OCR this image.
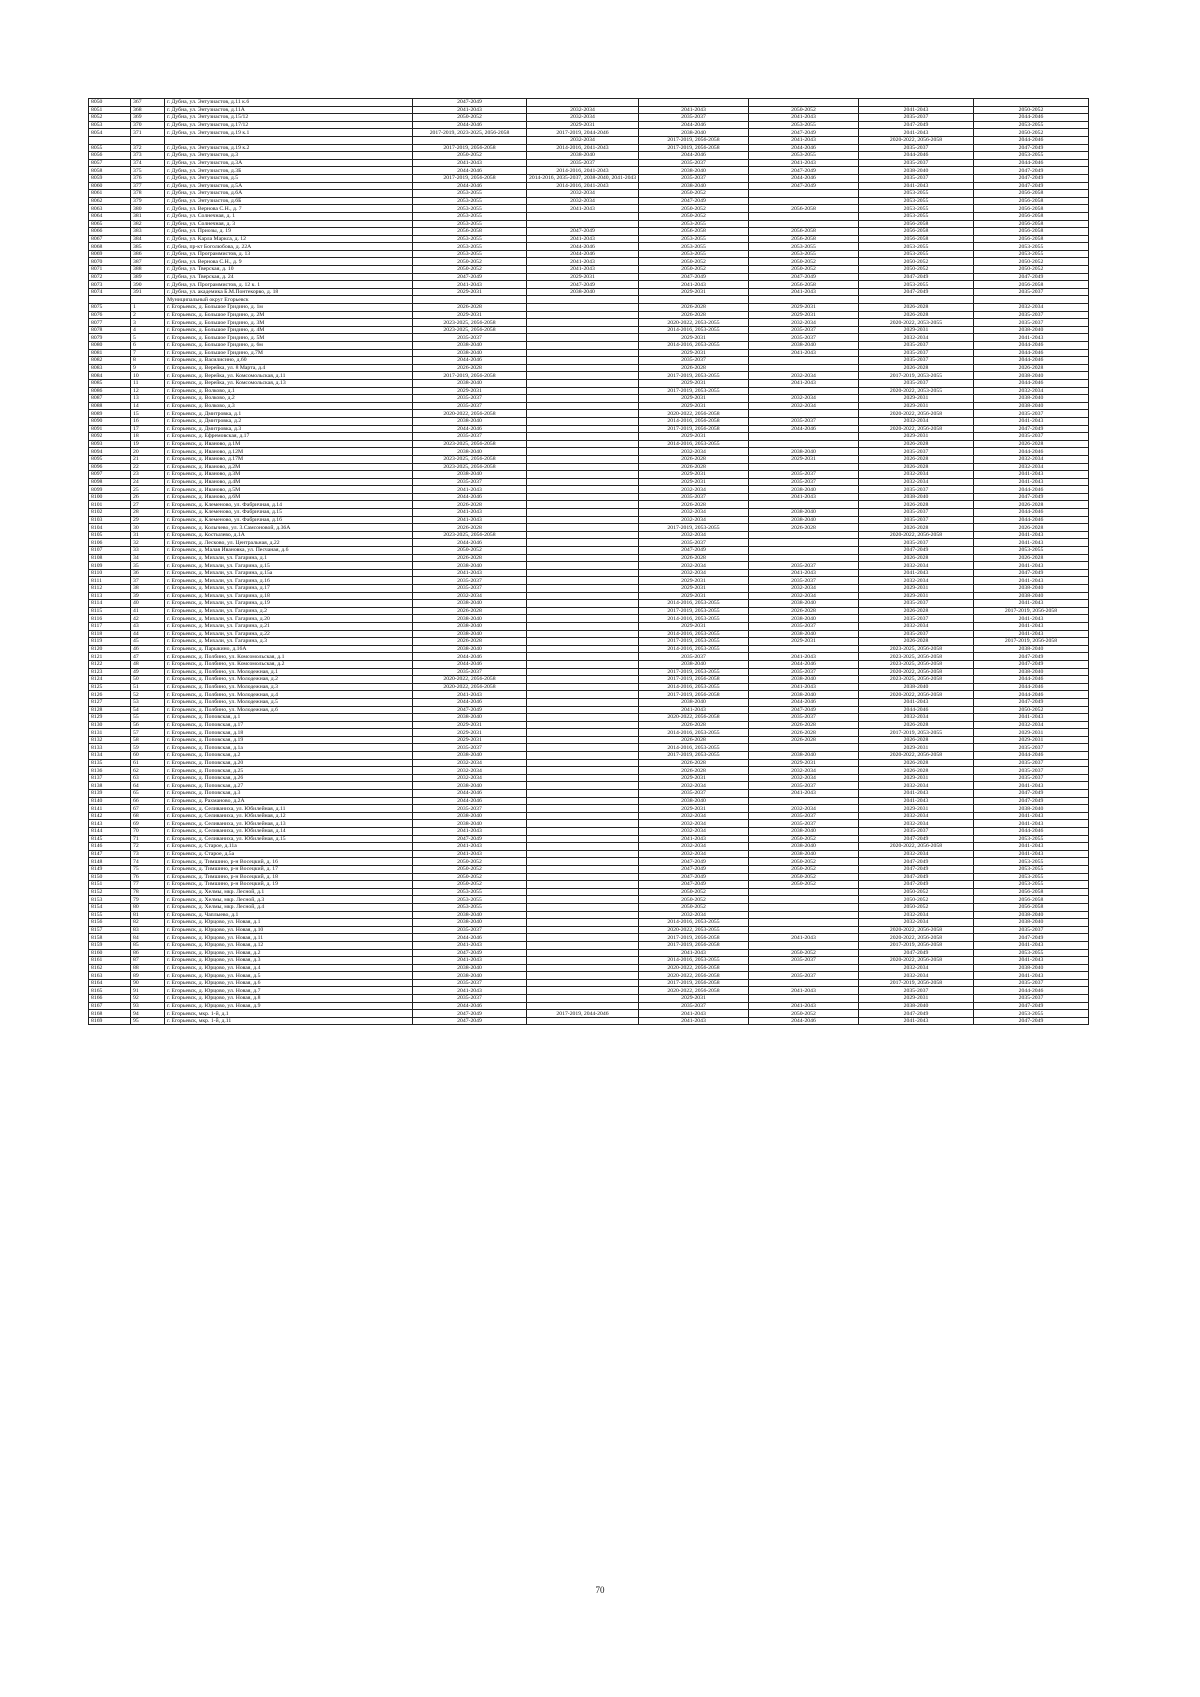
8050	367	г. Дубна, ул. Энтузиастов, д.11 к.6	2047-2049					
8051	368	г. Дубна, ул. Энтузиастов, д.11А	2041-2043	2032-2034	2041-2043	2050-2052	2041-2043	2050-2052
8052	369	г. Дубна, ул. Энтузиастов, д.15/12	2050-2052	2032-2034	2035-2037	2041-2043	2035-2037	2044-2046
8053	370	г. Дубна, ул. Энтузиастов, д.17/12	2044-2046	2029-2031	2044-2046	2053-2055	2047-2049	2053-2055
8054	371	г. Дубна, ул. Энтузиастов, д.19 к.1	2017-2019, 2023-2025, 2056-2058	2017-2019, 2044-2046	2038-2040	2047-2049	2041-2043	2050-2052
				2032-2034	2017-2019, 2056-2058	2041-2043	2020-2022, 2056-2058	2044-2046
8055	372	г. Дубна, ул. Энтузиастов, д.19 к.2	2017-2019, 2056-2058	2014-2016, 2041-2043	2017-2019, 2056-2058	2044-2046	2035-2037	2047-2049
8056	373	г. Дубна, ул. Энтузиастов, д.3	2050-2052	2038-2040	2044-2046	2053-2055	2044-2046	2053-2055
8057	374	г. Дубна, ул. Энтузиастов, д.3А	2041-2043	2035-2037	2035-2037	2041-2043	2035-2037	2044-2046
8058	375	г. Дубна, ул. Энтузиастов, д.3Б	2044-2046	2014-2016, 2041-2043	2038-2040	2047-2049	2038-2040	2047-2049
8059	376	г. Дубна, ул. Энтузиастов, д.5	2017-2019, 2056-2058	2014-2016, 2035-2037, 2038-2040, 2041-2043	2035-2037	2044-2046	2035-2037	2047-2049
8060	377	г. Дубна, ул. Энтузиастов, д.5А	2044-2046	2014-2016, 2041-2043	2038-2040	2047-2049	2041-2043	2047-2049
8061	378	г. Дубна, ул. Энтузиастов, д.6А	2053-2055	2032-2034	2050-2052		2053-2055	2056-2058
8062	379	г. Дубна, ул. Энтузиастов, д.6Б	2053-2055	2032-2034	2047-2049		2053-2055	2056-2058
8063	380	г. Дубна, ул. Вернова С.Н., д. 7	2053-2055	2041-2043	2050-2052	2056-2058	2053-2055	2056-2058
8064	381	г. Дубна, ул. Солнечная, д. 1	2053-2055		2050-2052		2053-2055	2056-2058
8065	382	г. Дубна, ул. Солнечная, д. 3	2053-2055		2053-2055		2056-2058	2056-2058
8066	383	г. Дубна, ул. Приозы, д. 19	2056-2058	2047-2049	2056-2058	2056-2058	2056-2058	2056-2058
8067	384	г. Дубна, ул. Карла Маркса, д. 12	2053-2055	2041-2043	2053-2055	2056-2058	2056-2058	2056-2058
8068	385	г. Дубна, пр-кт Боголюбова, д. 22А	2053-2055	2044-2046	2053-2055	2053-2055	2053-2055	2053-2055
8069	386	г. Дубна, ул. Программистов, д. 13	2053-2055	2044-2046	2053-2055	2053-2055	2053-2055	2053-2055
8070	387	г. Дубна, ул. Вернова С.Н., д. 9	2050-2052	2041-2043	2050-2052	2050-2052	2050-2052	2050-2052
8071	388	г. Дубна, ул. Тверская, д. 10	2050-2052	2041-2043	2050-2052	2050-2052	2050-2052	2050-2052
8072	389	г. Дубна, ул. Тверская, д. 24	2047-2049	2029-2031	2047-2049	2047-2049	2047-2049	2047-2049
8073	390	г. Дубна, ул. Программистов, д. 12 к. 1	2041-2043	2047-2049	2041-2043	2056-2058	2053-2055	2056-2058
8074	391	г. Дубна, ул. академика Б.М.Понтекорво, д. 18	2029-2031	2038-2040	2029-2031	2041-2043	2047-2049	2035-2037
		Муниципальный округ Егорьевск						
8075	1	г. Егорьевск, д. Большое Гридино, д. 1м	2026-2028		2026-2028	2029-2031	2026-2028	2032-2034
8076	2	г. Егорьевск, д. Большое Гридино, д. 2М	2029-2031		2026-2028	2029-2031	2026-2028	2035-2037
8077	3	г. Егорьевск, д. Большое Гридино, д. 3М	2023-2025, 2056-2058		2020-2022, 2053-2055	2032-2034	2020-2022, 2053-2055	2035-2037
8078	4	г. Егорьевск, д. Большое Гридино, д. 4М	2023-2025, 2056-2058		2014-2016, 2053-2055	2035-2037	2029-2031	2038-2040
8079	5	г. Егорьевск, д. Большое Гридино, д. 5М	2035-2037		2029-2031	2035-2037	2032-2034	2041-2043
8080	6	г. Егорьевск, д. Большое Гридино, д. 6м	2038-2040		2014-2016, 2053-2055	2038-2040	2035-2037	2044-2046
8081	7	г. Егорьевск, д. Большое Гридино, д.7М	2038-2040		2029-2031	2041-2043	2035-2037	2044-2046
8082	8	г. Егорьевск, д. Василисино, д.60	2044-2046		2035-2037		2035-2037	2044-2046
8083	9	г. Егорьевск, д. Верейка, ул. 8 Марта, д.4	2026-2028		2026-2028		2026-2028	2026-2028
8084	10	г. Егорьевск, д. Верейка, ул. Комсомольская, д.11	2017-2019, 2056-2058		2017-2019, 2053-2055	2032-2034	2017-2019, 2053-2055	2038-2040
8085	11	г. Егорьевск, д. Верейка, ул. Комсомольская, д.13	2038-2040		2029-2031	2041-2043	2035-2037	2044-2046
8086	12	г. Егорьевск, д. Волково, д.1	2029-2031		2017-2019, 2053-2055		2020-2022, 2053-2055	2032-2034
8087	13	г. Егорьевск, д. Волково, д.2	2035-2037		2029-2031	2032-2034	2029-2031	2038-2040
8088	14	г. Егорьевск, д. Волково, д.3	2035-2037		2029-2031	2032-2034	2029-2031	2038-2040
8089	15	г. Егорьевск, д. Дмитровка, д.1	2020-2022, 2056-2058		2020-2022, 2056-2058		2020-2022, 2056-2058	2035-2037
8090	16	г. Егорьевск, д. Дмитровка, д.2	2038-2040		2014-2016, 2056-2058	2035-2037	2032-2034	2041-2043
8091	17	г. Егорьевск, д. Дмитровка, д.3	2044-2046		2017-2019, 2056-2058	2044-2046	2020-2022, 2056-2058	2047-2049
8092	18	г. Егорьевск, д. Ефремовская, д.17	2035-2037		2029-2031		2029-2031	2035-2037
8093	19	г. Егорьевск, д. Иваново, д.1М	2023-2025, 2056-2058		2014-2016, 2053-2055		2026-2028	2026-2028
8094	20	г. Егорьевск, д. Иваново, д.12М	2038-2040		2032-2034	2038-2040	2035-2037	2044-2046
8095	21	г. Егорьевск, д. Иваново, д.17М	2023-2025, 2056-2058		2026-2028	2029-2031	2026-2028	2032-2034
8096	22	г. Егорьевск, д. Иваново, д.2М	2023-2025, 2056-2058		2026-2028		2026-2028	2032-2034
8097	23	г. Егорьевск, д. Иваново, д.3М	2038-2040		2029-2031	2035-2037	2032-2034	2041-2043
8098	24	г. Егорьевск, д. Иваново, д.4М	2035-2037		2029-2031	2035-2037	2032-2034	2041-2043
8099	25	г. Егорьевск, д. Иваново, д.5М	2041-2043		2032-2034	2038-2040	2035-2037	2044-2046
8100	26	г. Егорьевск, д. Иваново, д.6М	2044-2046		2035-2037	2041-2043	2038-2040	2047-2049
8101	27	г. Егорьевск, д. Клеменово, ул. Фабричная, д.14	2026-2028		2026-2028		2026-2028	2026-2028
8102	28	г. Егорьевск, д. Клеменово, ул. Фабричная, д.15	2041-2043		2032-2034	2038-2040	2035-2037	2044-2046
8103	29	г. Егорьевск, д. Клеменово, ул. Фабричная, д.16	2041-2043		2032-2034	2038-2040	2035-2037	2044-2046
8104	30	г. Егорьевск, д. Колычево, ул. 3.Самсоновой, д.36А	2026-2028		2017-2019, 2053-2055	2026-2028	2026-2028	2026-2028
8105	31	г. Егорьевск, д. Костылево, д.1А	2023-2025, 2056-2058		2032-2034		2020-2022, 2056-2058	2041-2043
8106	32	г. Егорьевск, д. Лесково, ул. Центральная, д.22	2044-2046		2035-2037		2035-2037	2041-2043
8107	33	г. Егорьевск, д. Малая Ивановка, ул. Песчаная, д.6	2050-2052		2047-2049		2047-2049	2053-2055
8108	34	г. Егорьевск, д. Михали, ул. Гагарина, д.1	2026-2028		2026-2028		2026-2028	2026-2028
8109	35	г. Егорьевск, д. Михали, ул. Гагарина, д.15	2038-2040		2032-2034	2035-2037	2032-2034	2041-2043
8110	36	г. Егорьевск, д. Михали, ул. Гагарина, д.15а	2041-2043		2032-2034	2041-2043	2041-2043	2047-2049
8111	37	г. Егорьевск, д. Михали, ул. Гагарина, д.16	2035-2037		2029-2031	2035-2037	2032-2034	2041-2043
8112	38	г. Егорьевск, д. Михали, ул. Гагарина, д.17	2035-2037		2029-2031	2032-2034	2029-2031	2038-2040
8113	39	г. Егорьевск, д. Михали, ул. Гагарина, д.18	2032-2034		2029-2031	2032-2034	2029-2031	2038-2040
8114	40	г. Егорьевск, д. Михали, ул. Гагарина, д.19	2038-2040		2014-2016, 2053-2055	2038-2040	2035-2037	2041-2043
8115	41	г. Егорьевск, д. Михали, ул. Гагарина, д.2	2026-2028		2017-2019, 2053-2055	2026-2028	2026-2028	2017-2019, 2056-2058
8116	42	г. Егорьевск, д. Михали, ул. Гагарина, д.20	2038-2040		2014-2016, 2053-2055	2038-2040	2035-2037	2041-2043
8117	43	г. Егорьевск, д. Михали, ул. Гагарина, д.21	2038-2040		2029-2031	2035-2037	2032-2034	2041-2043
8118	44	г. Егорьевск, д. Михали, ул. Гагарина, д.22	2038-2040		2014-2016, 2053-2055	2038-2040	2035-2037	2041-2043
8119	45	г. Егорьевск, д. Михали, ул. Гагарина, д.3	2026-2028		2017-2019, 2053-2055	2029-2031	2026-2028	2017-2019, 2056-2058
8120	46	г. Егорьевск, д. Парыкино, д.16А	2038-2040		2014-2016, 2053-2055		2023-2025, 2056-2058	2038-2040
8121	47	г. Егорьевск, д. Полбино, ул. Комсомольская, д.1	2044-2046		2035-2037	2041-2043	2023-2025, 2056-2058	2047-2049
8122	48	г. Егорьевск, д. Полбино, ул. Комсомольская, д.2	2044-2046		2038-2040	2044-2046	2023-2025, 2056-2058	2047-2049
8123	49	г. Егорьевск, д. Полбино, ул. Молодежная, д.1	2035-2037		2017-2019, 2053-2055	2035-2037	2020-2022, 2056-2058	2038-2040
8124	50	г. Егорьевск, д. Полбино, ул. Молодежная, д.2	2020-2022, 2056-2058		2017-2019, 2056-2058	2038-2040	2023-2025, 2056-2058	2044-2046
8125	51	г. Егорьевск, д. Полбино, ул. Молодежная, д.3	2020-2022, 2056-2058		2014-2016, 2053-2055	2041-2043	2038-2040	2044-2046
8126	52	г. Егорьевск, д. Полбино, ул. Молодежная, д.4	2041-2043		2017-2019, 2056-2058	2038-2040	2020-2022, 2056-2058	2044-2046
8127	53	г. Егорьевск, д. Полбино, ул. Молодежная, д.5	2044-2046		2038-2040	2044-2046	2041-2043	2047-2049
8128	54	г. Егорьевск, д. Полбино, ул. Молодежная, д.6	2047-2049		2041-2043	2047-2049	2044-2046	2050-2052
8129	55	г. Егорьевск, д. Поповская, д.1	2038-2040		2020-2022, 2056-2058	2035-2037	2032-2034	2041-2043
8130	56	г. Егорьевск, д. Поповская, д.17	2029-2031		2026-2028	2026-2028	2026-2028	2032-2034
8131	57	г. Егорьевск, д. Поповская, д.18	2029-2031		2014-2016, 2053-2055	2026-2028	2017-2019, 2053-2055	2029-2031
8132	58	г. Егорьевск, д. Поповская, д.19	2029-2031		2026-2028	2026-2028	2026-2028	2029-2031
8133	59	г. Егорьевск, д. Поповская, д.1а	2035-2037		2014-2016, 2053-2055		2029-2031	2035-2037
8134	60	г. Егорьевск, д. Поповская, д.2	2038-2040		2017-2019, 2053-2055	2038-2040	2020-2022, 2056-2058	2044-2046
8135	61	г. Егорьевск, д. Поповская, д.20	2032-2034		2026-2028	2029-2031	2026-2028	2035-2037
8136	62	г. Егорьевск, д. Поповская, д.25	2032-2034		2026-2028	2032-2034	2026-2028	2035-2037
8137	63	г. Егорьевск, д. Поповская, д.26	2032-2034		2029-2031	2032-2034	2029-2031	2035-2037
8138	64	г. Егорьевск, д. Поповская, д.27	2038-2040		2032-2034	2035-2037	2032-2034	2041-2043
8139	65	г. Егорьевск, д. Поповская, д.3	2044-2046		2035-2037	2041-2043	2041-2043	2047-2049
8140	66	г. Егорьевск, д. Рахманово, д.2А	2044-2046		2038-2040		2041-2043	2047-2049
8141	67	г. Егорьевск, д. Селиваниха, ул. Юбилейная, д.11	2035-2037		2029-2031	2032-2034	2029-2031	2038-2040
8142	68	г. Егорьевск, д. Селиваниха, ул. Юбилейная, д.12	2038-2040		2032-2034	2035-2037	2032-2034	2041-2043
8143	69	г. Егорьевск, д. Селиваниха, ул. Юбилейная, д.13	2038-2040		2032-2034	2035-2037	2032-2034	2041-2043
8144	70	г. Егорьевск, д. Селиваниха, ул. Юбилейная, д.14	2041-2043		2032-2034	2038-2040	2035-2037	2044-2046
8145	71	г. Егорьевск, д. Селиваниха, ул. Юбилейная, д.15	2047-2049		2041-2043	2050-2052	2047-2049	2053-2055
8146	72	г. Егорьевск, д. Старое, д.11а	2041-2043		2032-2034	2038-2040	2020-2022, 2056-2058	2041-2043
8147	73	г. Егорьевск, д. Старое, д.5а	2041-2043		2032-2034	2038-2040	2032-2034	2041-2043
8148	74	г. Егорьевск, д. Тимшино, р-н Восецкий, д. 16	2050-2052		2047-2049	2050-2052	2047-2049	2053-2055
8149	75	г. Егорьевск, д. Тимшино, р-н Восецкий, д. 17	2050-2052		2047-2049	2050-2052	2047-2049	2053-2055
8150	76	г. Егорьевск, д. Тимшино, р-н Восецкий, д. 18	2050-2052		2047-2049	2050-2052	2047-2049	2053-2055
8151	77	г. Егорьевск, д. Тимшино, р-н Восецкий, д. 19	2050-2052		2047-2049	2050-2052	2047-2049	2053-2055
8152	78	г. Егорьевск, д. Хелмы, мкр. Лесной, д.1	2053-2055		2050-2052		2050-2052	2056-2058
8153	79	г. Егорьевск, д. Хелмы, мкр. Лесной, д.3	2053-2055		2050-2052		2050-2052	2056-2058
8154	80	г. Егорьевск, д. Хелмы, мкр. Лесной, д.4	2053-2055		2050-2052		2050-2052	2056-2058
8155	81	г. Егорьевск, д. Чаплыево, д.1	2038-2040		2032-2034		2032-2034	2038-2040
8156	82	г. Егорьевск, д. Юрцово, ул. Новая, д.1	2038-2040		2014-2016, 2053-2055		2032-2034	2038-2040
8157	83	г. Егорьевск, д. Юрцово, ул. Новая, д.10	2035-2037		2020-2022, 2053-2055		2020-2022, 2056-2058	2035-2037
8158	84	г. Егорьевск, д. Юрцово, ул. Новая, д.11	2044-2046		2017-2019, 2056-2058	2041-2043	2020-2022, 2056-2058	2047-2049
8159	85	г. Егорьевск, д. Юрцово, ул. Новая, д.12	2041-2043		2017-2019, 2056-2058		2017-2019, 2056-2058	2041-2043
8160	86	г. Егорьевск, д. Юрцово, ул. Новая, д.2	2047-2049		2041-2043	2050-2052	2047-2049	2053-2055
8161	87	г. Егорьевск, д. Юрцово, ул. Новая, д.3	2041-2043		2014-2016, 2053-2055	2035-2037	2020-2022, 2056-2058	2041-2043
8162	88	г. Егорьевск, д. Юрцово, ул. Новая, д.4	2038-2040		2020-2022, 2056-2058		2032-2034	2038-2040
8163	89	г. Егорьевск, д. Юрцово, ул. Новая, д.5	2038-2040		2020-2022, 2056-2058	2035-2037	2032-2034	2041-2043
8164	90	г. Егорьевск, д. Юрцово, ул. Новая, д.6	2035-2037		2017-2019, 2056-2058		2017-2019, 2056-2058	2035-2037
8165	91	г. Егорьевск, д. Юрцово, ул. Новая, д.7	2041-2043		2020-2022, 2056-2058	2041-2043	2035-2037	2044-2046
8166	92	г. Егорьевск, д. Юрцово, ул. Новая, д.8	2035-2037		2029-2031		2029-2031	2035-2037
8167	93	г. Егорьевск, д. Юрцово, ул. Новая, д.9	2044-2046		2035-2037	2041-2043	2038-2040	2047-2049
8168	94	г. Егорьевск, мкр. 1-й, д.1	2047-2049	2017-2019, 2044-2046	2041-2043	2050-2052	2047-2049	2053-2055
8169	95	г. Егорьевск, мкр. 1-й, д.11	2047-2049		2041-2043	2044-2046	2041-2043	2047-2049
70
